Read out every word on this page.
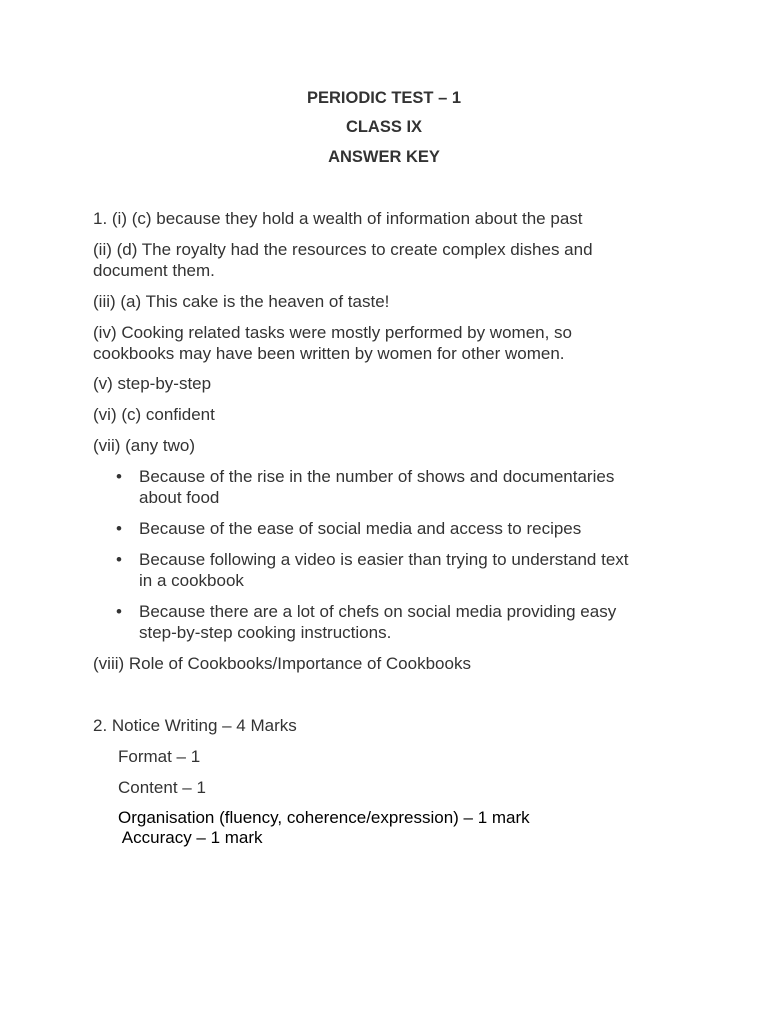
PERIODIC TEST – 1
CLASS IX
ANSWER KEY
1. (i) (c) because they hold a wealth of information about the past
(ii) (d) The royalty had the resources to create complex dishes and
document them.
(iii) (a) This cake is the heaven of taste!
(iv) Cooking related tasks were mostly performed by women, so
cookbooks may have been written by women for other women.
(v) step-by-step
(vi) (c) confident
(vii) (any two)
• Because of the rise in the number of shows and documentaries
about food
• Because of the ease of social media and access to recipes
• Because following a video is easier than trying to understand text
in a cookbook
• Because there are a lot of chefs on social media providing easy
step-by-step cooking instructions.
(viii) Role of Cookbooks/Importance of Cookbooks
2. Notice Writing – 4 Marks
Format – 1
Content – 1
Organisation (fluency, coherence/expression) – 1 mark
Accuracy – 1 mark
